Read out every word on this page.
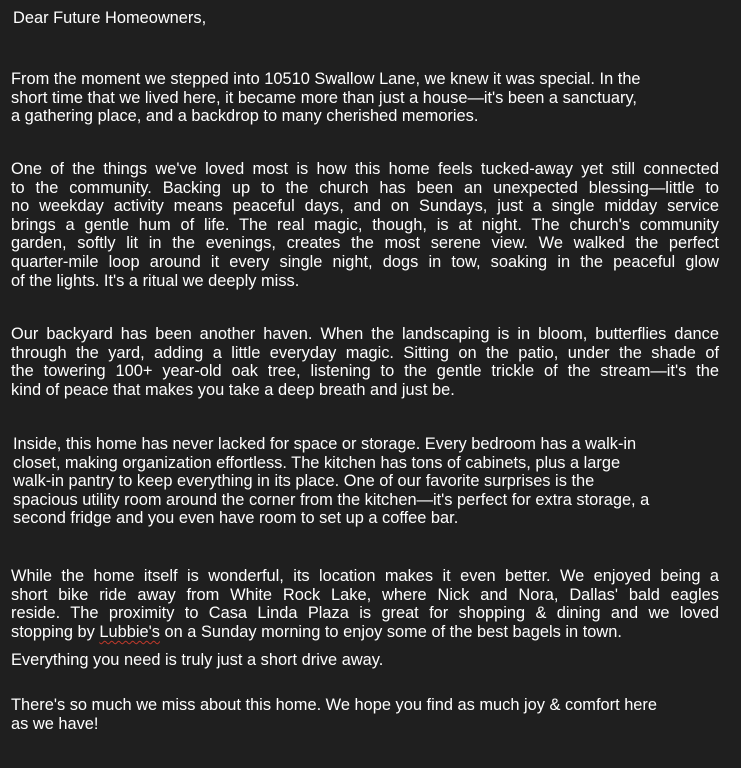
Dear Future Homeowners,

From the moment we stepped into 10510 Swallow Lane, we knew it was special. In the
short time that we lived here, it became more than just a house—it's been a sanctuary,
a gathering place, and a backdrop to many cherished memories.

One of the things we've loved most is how this home feels tucked-away yet still connected
to the community. Backing up to the church has been an unexpected blessing—little to
no weekday activity means peaceful days, and on Sundays, just a single midday service
brings a gentle hum of life. The real magic, though, is at night. The church's community
garden, softly lit in the evenings, creates the most serene view. We walked the perfect
quarter-mile loop around it every single night, dogs in tow, soaking in the peaceful glow
of the lights. It's a ritual we deeply miss.

Our backyard has been another haven. When the landscaping is in bloom, butterflies dance
through the yard, adding a little everyday magic. Sitting on the patio, under the shade of
the towering 100+ year-old oak tree, listening to the gentle trickle of the stream—it's the
kind of peace that makes you take a deep breath and just be.

Inside, this home has never lacked for space or storage. Every bedroom has a walk-in
closet, making organization effortless. The kitchen has tons of cabinets, plus a large
walk-in pantry to keep everything in its place. One of our favorite surprises is the
spacious utility room around the corner from the kitchen—it's perfect for extra storage, a
second fridge and you even have room to set up a coffee bar.

While the home itself is wonderful, its location makes it even better. We enjoyed being a
short bike ride away from White Rock Lake, where Nick and Nora, Dallas' bald eagles
reside. The proximity to Casa Linda Plaza is great for shopping & dining and we loved
stopping by Lubbie's on a Sunday morning to enjoy some of the best bagels in town.

Everything you need is truly just a short drive away.

There's so much we miss about this home. We hope you find as much joy & comfort here
as we have!
